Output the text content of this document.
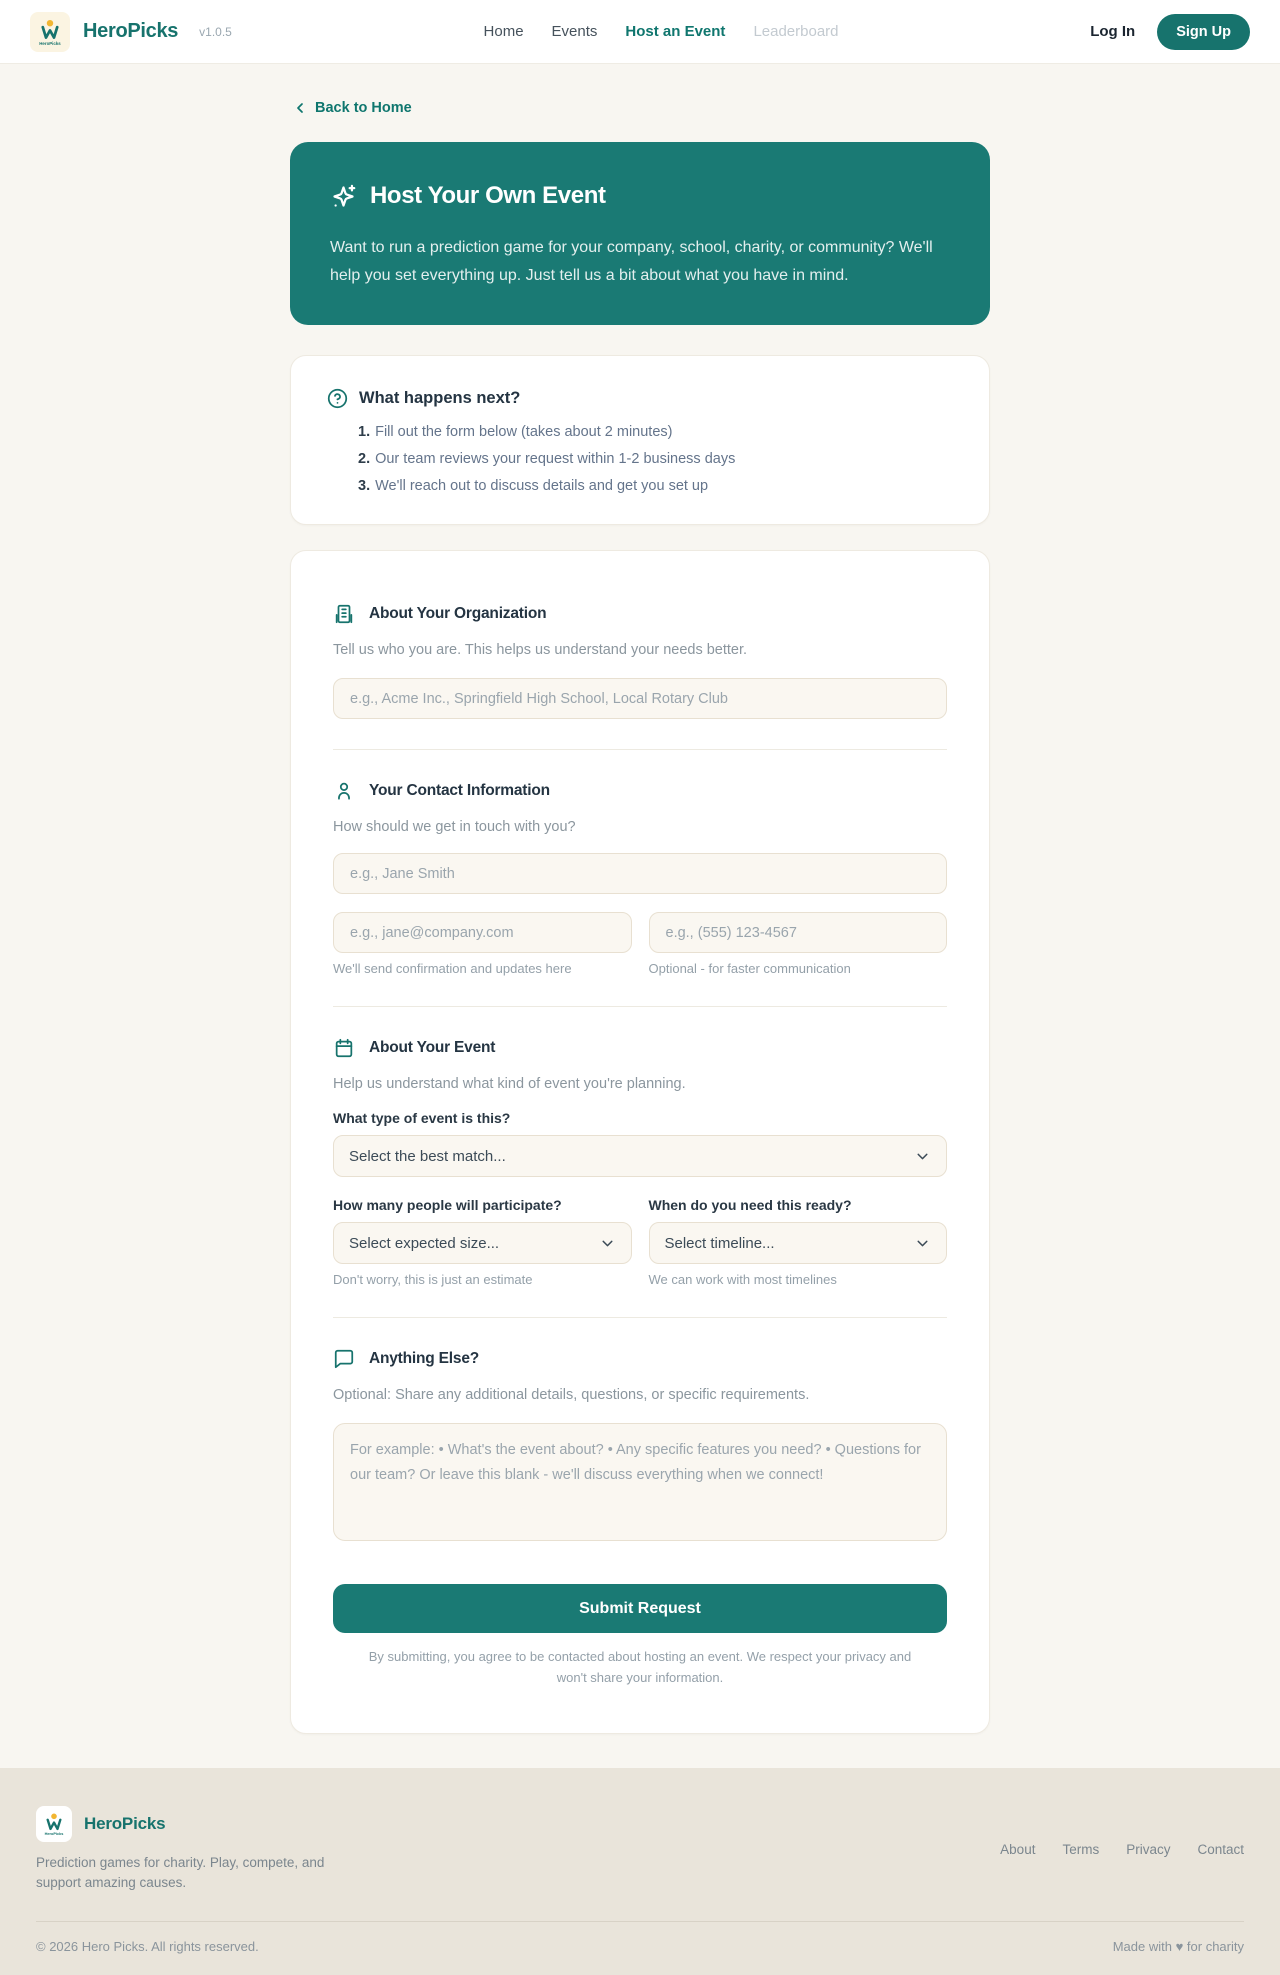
HeroPicks
HeroPicks v1.0.5	Home Events Host an Event Leaderboard	Log In	Sign Up
Back to Home
Host Your Own Event

Want to run a prediction game for your company, school, charity, or community? We'll help you set everything up. Just tell us a bit about what you have in mind.

What happens next?
1. Fill out the form below (takes about 2 minutes)
2. Our team reviews your request within 1-2 business days
3. We'll reach out to discuss details and get you set up
About Your Organization
Tell us who you are. This helps us understand your needs better.
e.g., Acme Inc., Springfield High School, Local Rotary Club
Your Contact Information
How should we get in touch with you?
e.g., Jane Smith
e.g., jane@company.com
We'll send confirmation and updates here
e.g., (555) 123-4567	Optional - for faster communication
About Your Event
Help us understand what kind of event you're planning.
What type of event is this?
Select the best match...
How many people will participate?
Select expected size...
Don't worry, this is just an estimate
When do you need this ready?
Select timeline...
We can work with most timelines
Anything Else?
Optional: Share any additional details, questions, or specific requirements.
For example: • What's the event about? • Any specific features you need? • Questions for our team? Or leave this blank - we'll discuss everything when we connect! Submit Request
By submitting, you agree to be contacted about hosting an event. We respect your privacy and won't share your information.
HeroPicks
HeroPicks
Prediction games for charity. Play, compete, and support amazing causes.
About Terms Privacy Contact
© 2026 Hero Picks. All rights reserved.	Made with ♥ for charity
